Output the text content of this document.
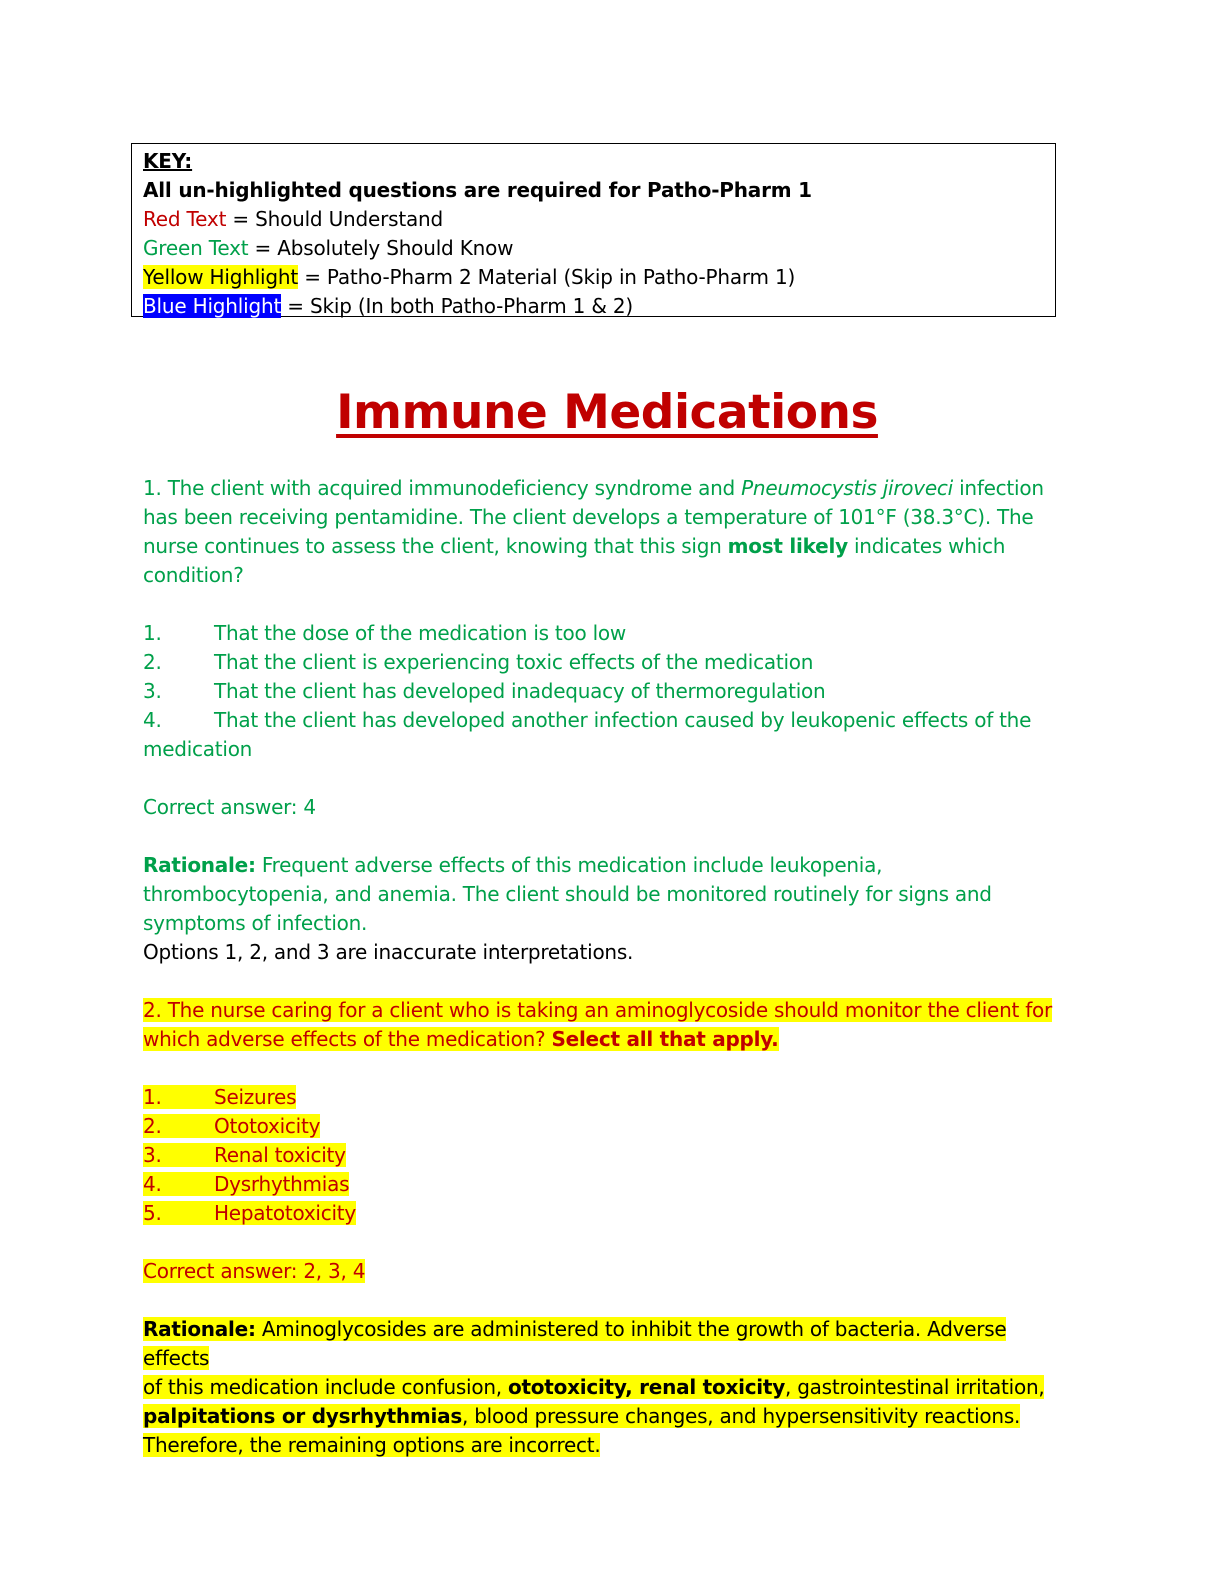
KEY:
All un-highlighted questions are required for Patho-Pharm 1
Red Text = Should Understand
Green Text = Absolutely Should Know
Yellow Highlight = Patho-Pharm 2 Material (Skip in Patho-Pharm 1)
Blue Highlight = Skip (In both Patho-Pharm 1 & 2)
Immune Medications

1. The client with acquired immunodeficiency syndrome and Pneumocystis jiroveci infection has been receiving pentamidine. The client develops a temperature of 101°F (38.3°C). The nurse continues to assess the client, knowing that this sign most likely indicates which condition?

1.	That the dose of the medication is too low
2.	That the client is experiencing toxic effects of the medication
3.	That the client has developed inadequacy of thermoregulation
4.	That the client has developed another infection caused by leukopenic effects of the medication

Correct answer: 4

Rationale: Frequent adverse effects of this medication include leukopenia, thrombocytopenia, and anemia. The client should be monitored routinely for signs and symptoms of infection.
Options 1, 2, and 3 are inaccurate interpretations.

2. The nurse caring for a client who is taking an aminoglycoside should monitor the client for
which adverse effects of the medication? Select all that apply.

1.	Seizures
2.	Ototoxicity
3.	Renal toxicity
4.	Dysrhythmias
5.	Hepatotoxicity

Correct answer: 2, 3, 4

Rationale: Aminoglycosides are administered to inhibit the growth of bacteria. Adverse effects
of this medication include confusion, ototoxicity, renal toxicity, gastrointestinal irritation,
palpitations or dysrhythmias, blood pressure changes, and hypersensitivity reactions.
Therefore, the remaining options are incorrect.
